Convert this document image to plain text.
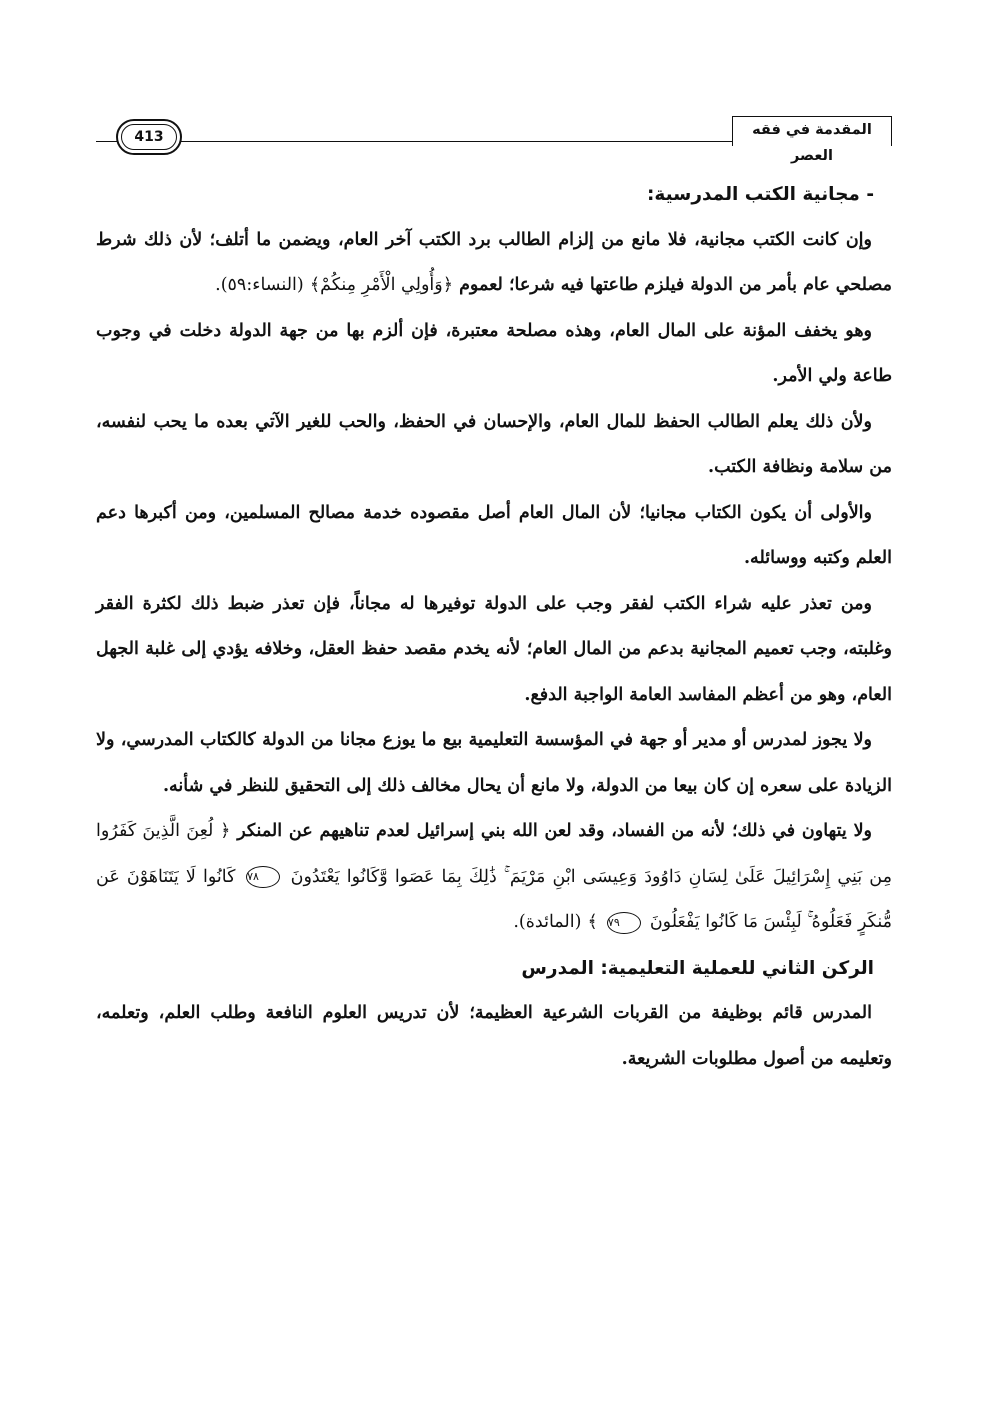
المقدمة في فقه العصر
413
- مجانية الكتب المدرسية:

وإن كانت الكتب مجانية، فلا مانع من إلزام الطالب برد الكتب آخر العام، ويضمن ما أتلف؛ لأن ذلك شرط مصلحي عام بأمر من الدولة فيلزم طاعتها فيه شرعا؛ لعموم ﴿وَأُولِي الْأَمْرِ مِنكُمْ﴾ (النساء:٥٩).

وهو يخفف المؤنة على المال العام، وهذه مصلحة معتبرة، فإن ألزم بها من جهة الدولة دخلت في وجوب طاعة ولي الأمر.

ولأن ذلك يعلم الطالب الحفظ للمال العام، والإحسان في الحفظ، والحب للغير الآتي بعده ما يحب لنفسه، من سلامة ونظافة الكتب.

والأولى أن يكون الكتاب مجانيا؛ لأن المال العام أصل مقصوده خدمة مصالح المسلمين، ومن أكبرها دعم العلم وكتبه ووسائله.

ومن تعذر عليه شراء الكتب لفقر وجب على الدولة توفيرها له مجاناً، فإن تعذر ضبط ذلك لكثرة الفقر وغلبته، وجب تعميم المجانية بدعم من المال العام؛ لأنه يخدم مقصد حفظ العقل، وخلافه يؤدي إلى غلبة الجهل العام، وهو من أعظم المفاسد العامة الواجبة الدفع.

ولا يجوز لمدرس أو مدير أو جهة في المؤسسة التعليمية بيع ما يوزع مجانا من الدولة كالكتاب المدرسي، ولا الزيادة على سعره إن كان بيعا من الدولة، ولا مانع أن يحال مخالف ذلك إلى التحقيق للنظر في شأنه.

ولا يتهاون في ذلك؛ لأنه من الفساد، وقد لعن الله بني إسرائيل لعدم تناهيهم عن المنكر ﴿ لُعِنَ الَّذِينَ كَفَرُوا مِن بَنِي إِسْرَائِيلَ عَلَىٰ لِسَانِ دَاوُودَ وَعِيسَى ابْنِ مَرْيَمَ ۚ ذَٰلِكَ بِمَا عَصَوا وَّكَانُوا يَعْتَدُونَ ٧٨ كَانُوا لَا يَتَنَاهَوْنَ عَن مُّنكَرٍ فَعَلُوهُ ۚ لَبِئْسَ مَا كَانُوا يَفْعَلُونَ ٧٩ ﴾ (المائدة).

الركن الثاني للعملية التعليمية: المدرس

المدرس قائم بوظيفة من القربات الشرعية العظيمة؛ لأن تدريس العلوم النافعة وطلب العلم، وتعلمه، وتعليمه من أصول مطلوبات الشريعة.
